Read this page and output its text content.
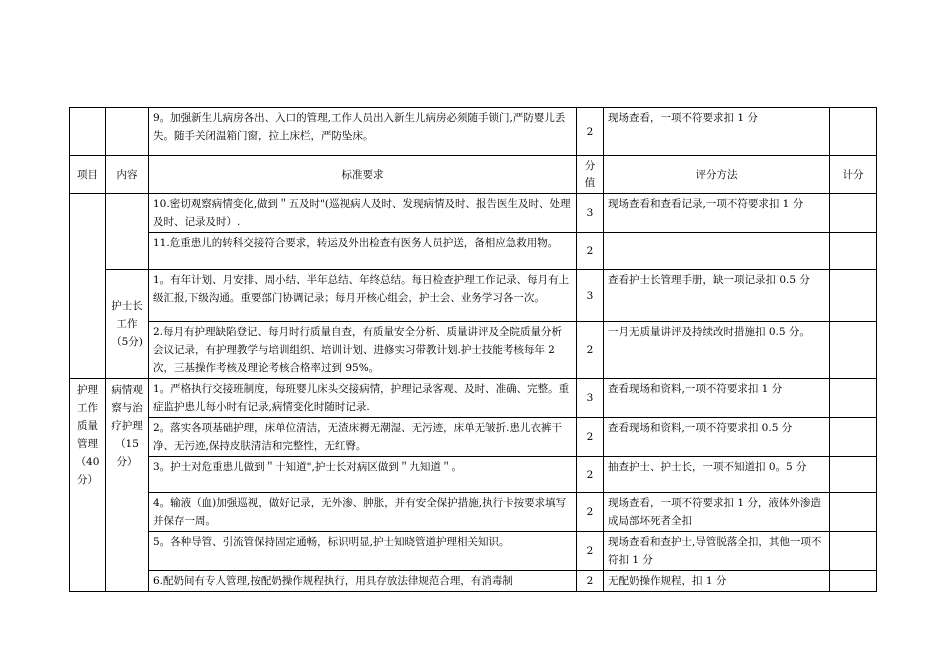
		9。加强新生儿病房各出、入口的管理,工作人员出入新生儿病房必须随手锁门,严防婴儿丢失。随手关闭温箱门窗，拉上床栏，严防坠床。	2	现场查看，一项不符要求扣 1 分	
项目	内容	标准要求	分值	评分方法	计分
		10.密切观察病情变化,做到＂五及时"(巡视病人及时、发现病情及时、报告医生及时、处理及时、记录及时）.	3	现场查看和查看记录,一项不符要求扣 1 分	
		11.危重患儿的转科交接符合要求，转运及外出检查有医务人员护送，备相应急救用物。	2		
	护士长工作（5分)	1。有年计划、月安排、周小结、半年总结、年终总结。每日检查护理工作记录、每月有上级汇报,下级沟通。重要部门协调记录；每月开核心组会，护士会、业务学习各一次。	3	查看护士长管理手册，缺一项记录扣 0.5 分	
		2.每月有护理缺陷登记、每月时行质量自查，有质量安全分析、质量讲评及全院质量分析会议记录，有护理教学与培训组织、培训计划、进修实习带教计划.护士技能考核每年 2 次，三基操作考核及理论考核合格率过到 95%。	2	一月无质量讲评及持续改时措施扣 0.5 分。	
护理工作质量管理（40分）	病情观察与治疗护理（15分）	1。严格执行交接班制度，每班婴儿床头交接病情，护理记录客观、及时、准确、完整。重症监护患儿每小时有记录,病情变化时随时记录.	3	查看现场和资料,一项不符要求扣 1 分	
		2。落实各项基础护理，床单位清洁，无渣床褥无潮湿、无污迹，床单无皱折.患儿衣裤干净、无污迹,保持皮肤清洁和完整性，无红臀。	2	查看现场和资料,一项不符要求扣 0.5 分	
		3。护士对危重患儿做到＂十知道",护士长对病区做到＂九知道＂。	2	抽查护士、护士长，一项不知道扣 0。5 分	
		4。输液（血)加强巡视，做好记录，无外渗、肿胀，并有安全保护措施,执行卡按要求填写并保存一周。	2	现场查看，一项不符要求扣 1 分，液体外渗造成局部坏死者全扣	
		5。各种导管、引流管保持固定通畅，标识明显,护士知晓管道护理相关知识。	2	现场查看和查护士,导管脱落全扣，其他一项不符扣 1 分	
		6.配奶间有专人管理,按配奶操作规程执行，用具存放法律规范合理，有消毒制	2	无配奶操作规程，扣 1 分	
